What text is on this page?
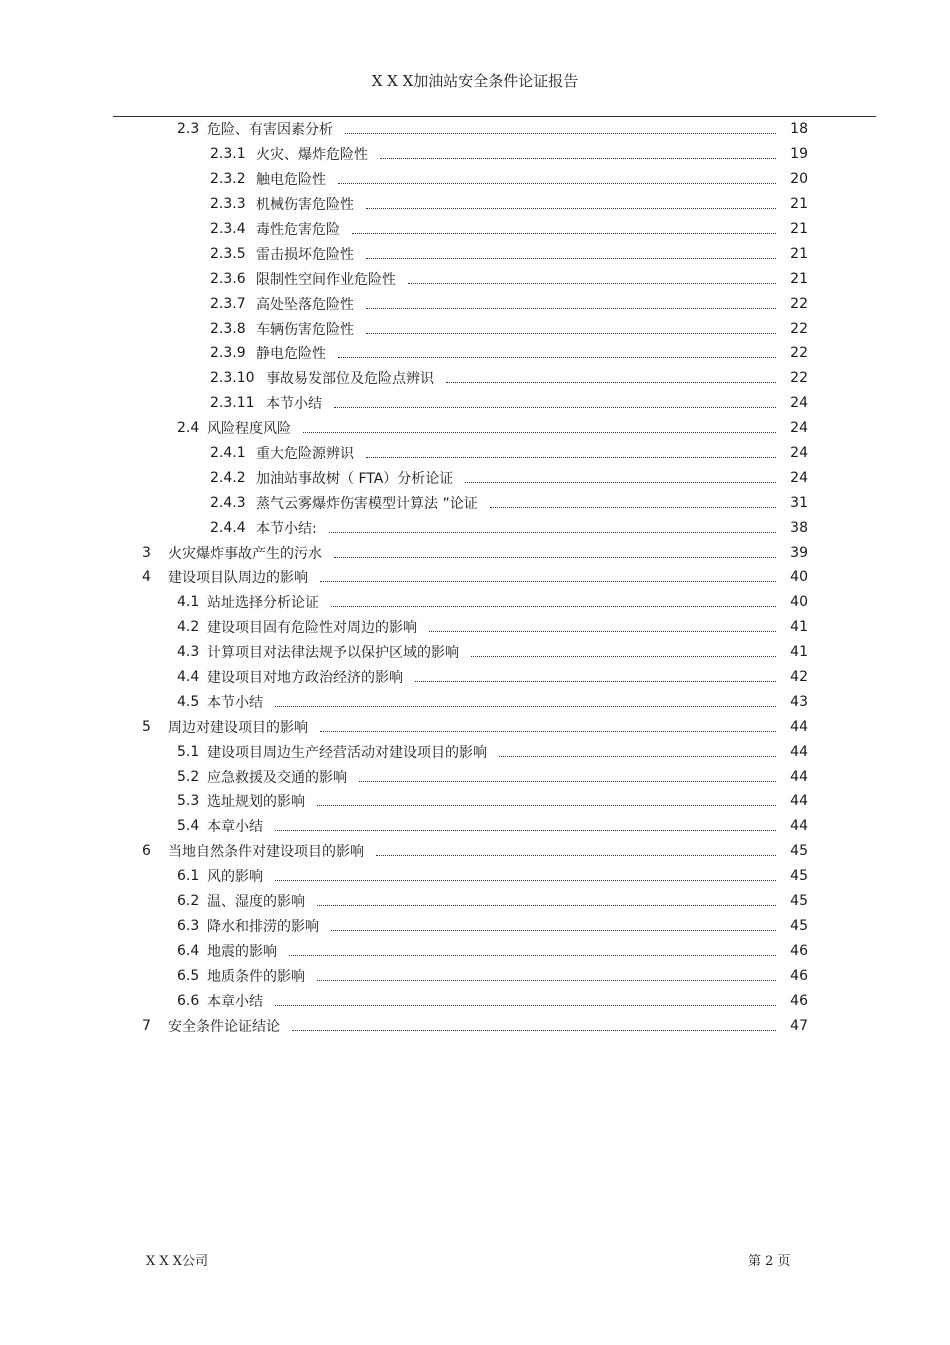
X X X加油站安全条件论证报告
2.3 危险、有害因素分析	18
2.3.1 火灾、爆炸危险性	19
2.3.2 触电危险性	20
2.3.3 机械伤害危险性	21
2.3.4 毒性危害危险	21
2.3.5 雷击损坏危险性	21
2.3.6 限制性空间作业危险性	21
2.3.7 高处坠落危险性	22
2.3.8 车辆伤害危险性	22
2.3.9 静电危险性	22
2.3.10 事故易发部位及危险点辨识	22
2.3.11 本节小结	24
2.4 风险程度风险	24
2.4.1 重大危险源辨识	24
2.4.2 加油站事故树（ FTA）分析论证	24
2.4.3 蒸气云雾爆炸伤害模型计算法 ”论证	31
2.4.4 本节小结:	38
3	火灾爆炸事故产生的污水	39
4	建设项目队周边的影响	40
4.1 站址选择分析论证	40
4.2 建设项目固有危险性对周边的影响	41
4.3 计算项目对法律法规予以保护区域的影响	41
4.4 建设项目对地方政治经济的影响	42
4.5 本节小结	43
5	周边对建设项目的影响	44
5.1 建设项目周边生产经营活动对建设项目的影响	44
5.2 应急救援及交通的影响	44
5.3 选址规划的影响	44
5.4 本章小结	44
6	当地自然条件对建设项目的影响	45
6.1 风的影响	45
6.2 温、湿度的影响	45
6.3 降水和排涝的影响	45
6.4 地震的影响	46
6.5 地质条件的影响	46
6.6 本章小结	46
7	安全条件论证结论	47
X X X公司	第 2 页
